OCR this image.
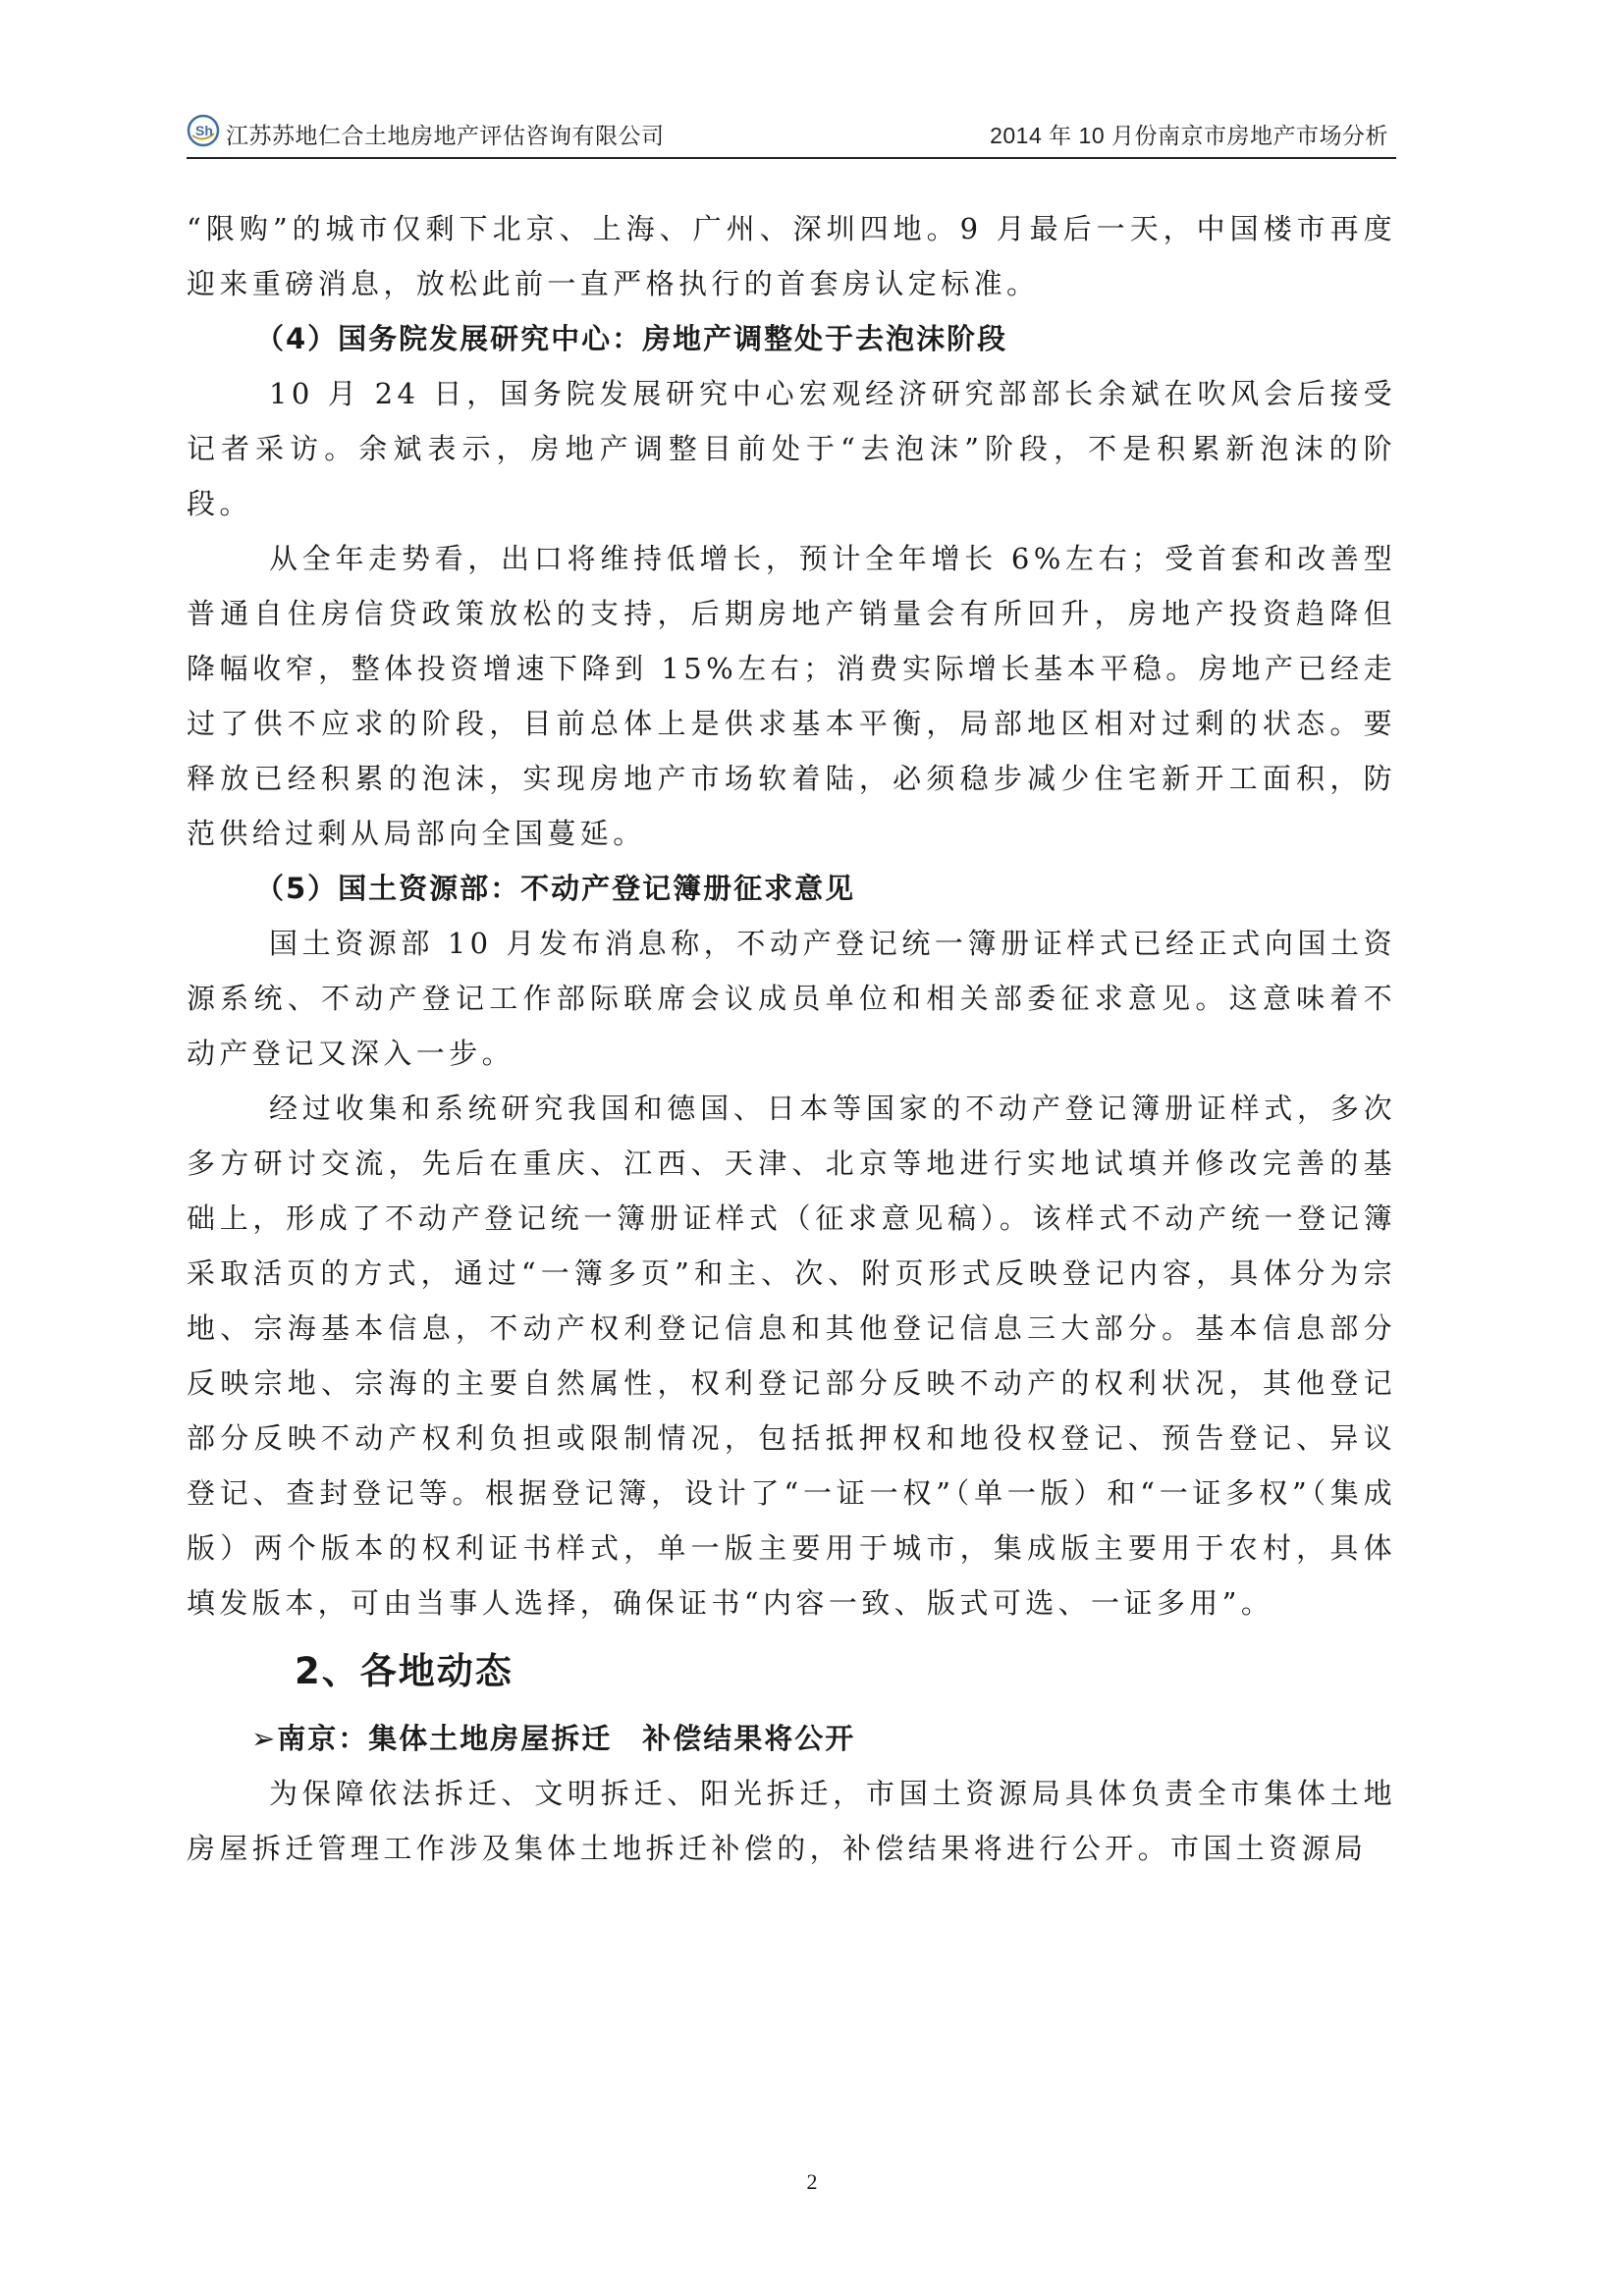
Sh 江苏苏地仁合土地房地产评估咨询有限公司	2014 年 10 月份南京市房地产市场分析

“限购”的城市仅剩下北京、上海、广州、深圳四地。9 月最后一天，中国楼市再度迎来重磅消息，放松此前一直严格执行的首套房认定标准。

（4）国务院发展研究中心：房地产调整处于去泡沫阶段

10 月 24 日，国务院发展研究中心宏观经济研究部部长余斌在吹风会后接受记者采访。余斌表示，房地产调整目前处于“去泡沫”阶段，不是积累新泡沫的阶段。

从全年走势看，出口将维持低增长，预计全年增长 6%左右；受首套和改善型普通自住房信贷政策放松的支持，后期房地产销量会有所回升，房地产投资趋降但降幅收窄，整体投资增速下降到 15%左右；消费实际增长基本平稳。房地产已经走过了供不应求的阶段，目前总体上是供求基本平衡，局部地区相对过剩的状态。要释放已经积累的泡沫，实现房地产市场软着陆，必须稳步减少住宅新开工面积，防范供给过剩从局部向全国蔓延。

（5）国土资源部：不动产登记簿册征求意见

国土资源部 10 月发布消息称，不动产登记统一簿册证样式已经正式向国土资源系统、不动产登记工作部际联席会议成员单位和相关部委征求意见。这意味着不动产登记又深入一步。

经过收集和系统研究我国和德国、日本等国家的不动产登记簿册证样式，多次多方研讨交流，先后在重庆、江西、天津、北京等地进行实地试填并修改完善的基础上，形成了不动产登记统一簿册证样式（征求意见稿）。该样式不动产统一登记簿采取活页的方式，通过“一簿多页”和主、次、附页形式反映登记内容，具体分为宗地、宗海基本信息，不动产权利登记信息和其他登记信息三大部分。基本信息部分反映宗地、宗海的主要自然属性，权利登记部分反映不动产的权利状况，其他登记部分反映不动产权利负担或限制情况，包括抵押权和地役权登记、预告登记、异议登记、查封登记等。根据登记簿，设计了“一证一权”（单一版）和“一证多权”（集成版）两个版本的权利证书样式，单一版主要用于城市，集成版主要用于农村，具体填发版本，可由当事人选择，确保证书“内容一致、版式可选、一证多用”。

2、各地动态

➢南京：集体土地房屋拆迁　补偿结果将公开

为保障依法拆迁、文明拆迁、阳光拆迁，市国土资源局具体负责全市集体土地房屋拆迁管理工作涉及集体土地拆迁补偿的，补偿结果将进行公开。市国土资源局

2
